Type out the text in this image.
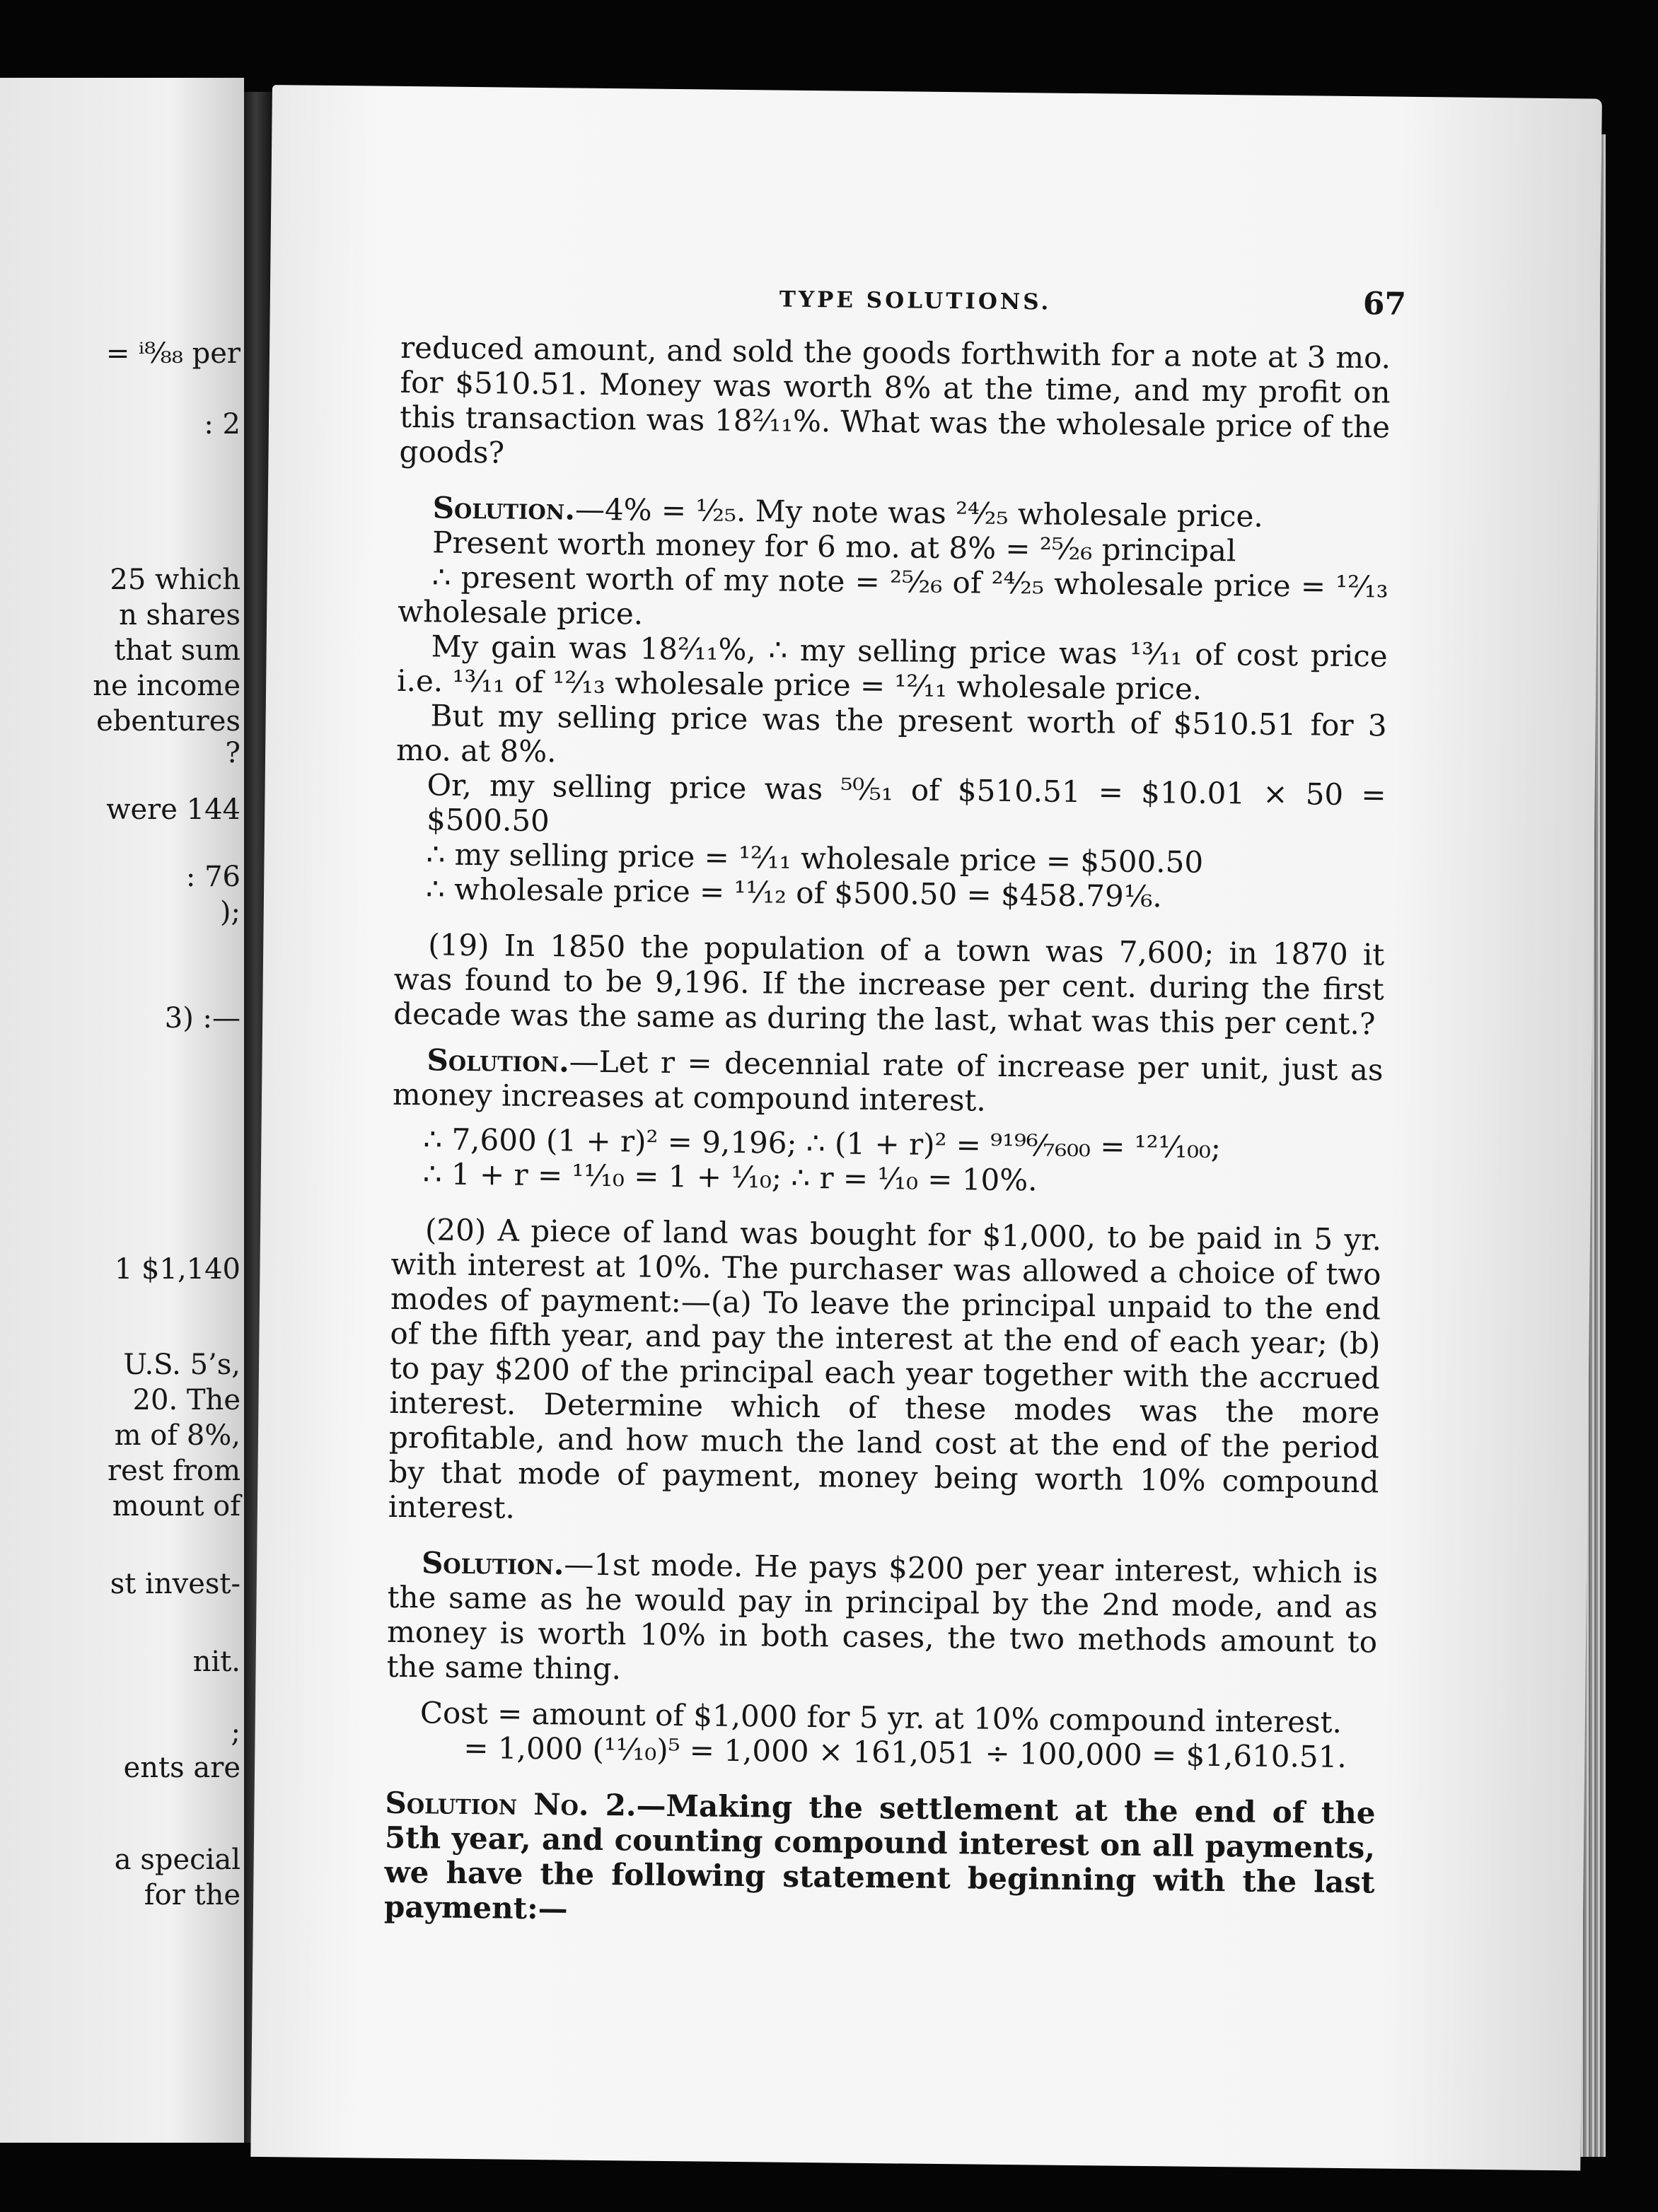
TYPE SOLUTIONS.	67

reduced amount, and sold the goods forthwith for a note at 3 mo. for $510.51. Money was worth 8% at the time, and my profit on this transaction was 18²⁄₁₁%. What was the wholesale price of the goods?

Solution.—4% = ¹⁄₂₅. My note was ²⁴⁄₂₅ wholesale price.

Present worth money for 6 mo. at 8% = ²⁵⁄₂₆ principal

∴ present worth of my note = ²⁵⁄₂₆ of ²⁴⁄₂₅ wholesale price = ¹²⁄₁₃ wholesale price.

My gain was 18²⁄₁₁%, ∴ my selling price was ¹³⁄₁₁ of cost price i.e. ¹³⁄₁₁ of ¹²⁄₁₃ wholesale price = ¹²⁄₁₁ wholesale price.

But my selling price was the present worth of $510.51 for 3 mo. at 8%.

Or, my selling price was ⁵⁰⁄₅₁ of $510.51 = $10.01 × 50 = $500.50

∴ my selling price = ¹²⁄₁₁ wholesale price = $500.50

∴ wholesale price = ¹¹⁄₁₂ of $500.50 = $458.79⅙.

(19) In 1850 the population of a town was 7,600; in 1870 it was found to be 9,196. If the increase per cent. during the first decade was the same as during the last, what was this per cent.?

Solution.—Let r = decennial rate of increase per unit, just as money increases at compound interest.

∴ 7,600 (1 + r)² = 9,196; ∴ (1 + r)² = ⁹¹⁹⁶⁄₇₆₀₀ = ¹²¹⁄₁₀₀;

∴ 1 + r = ¹¹⁄₁₀ = 1 + ¹⁄₁₀; ∴ r = ¹⁄₁₀ = 10%.

(20) A piece of land was bought for $1,000, to be paid in 5 yr. with interest at 10%. The purchaser was allowed a choice of two modes of payment:—(a) To leave the principal unpaid to the end of the fifth year, and pay the interest at the end of each year; (b) to pay $200 of the principal each year together with the accrued interest. Determine which of these modes was the more profitable, and how much the land cost at the end of the period by that mode of payment, money being worth 10% compound interest.

Solution.—1st mode. He pays $200 per year interest, which is the same as he would pay in principal by the 2nd mode, and as money is worth 10% in both cases, the two methods amount to the same thing.

Cost = amount of $1,000 for 5 yr. at 10% compound interest.

= 1,000 (¹¹⁄₁₀)⁵ = 1,000 × 161,051 ÷ 100,000 = $1,610.51.

Solution No. 2.—Making the settlement at the end of the 5th year, and counting compound interest on all payments, we have the following statement beginning with the last payment:—

= ⁱ⁸⁄₈₈ per
: 2
25 which
n shares
that sum
ne income
ebentures
?
were 144
: 76
);
3) :—
1 $1,140
U.S. 5’s,
20. The
m of 8%,
rest from
mount of
st invest-
nit.
;
ents are
a special
for the
